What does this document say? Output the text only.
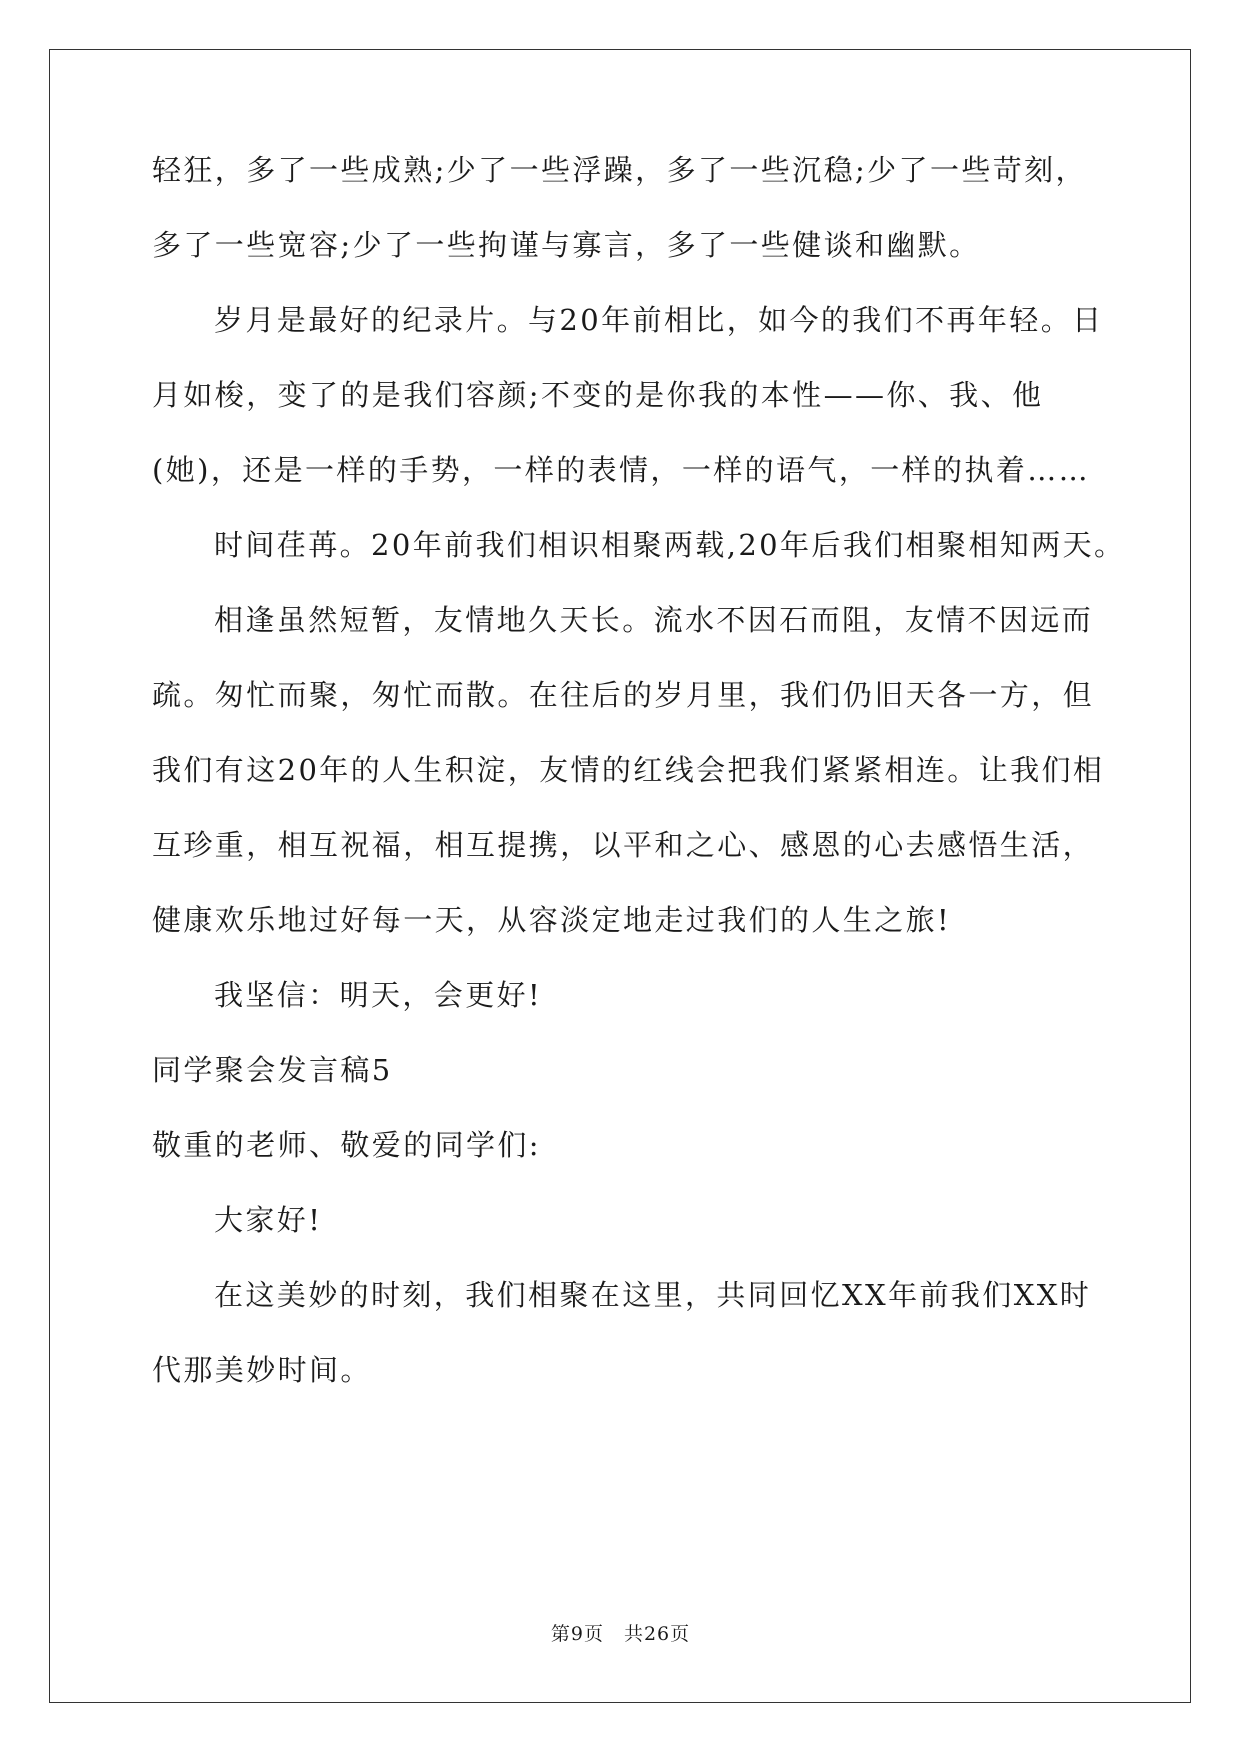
轻狂，多了一些成熟;少了一些浮躁，多了一些沉稳;少了一些苛刻，
多了一些宽容;少了一些拘谨与寡言，多了一些健谈和幽默。
岁月是最好的纪录片。与20年前相比，如今的我们不再年轻。日
月如梭，变了的是我们容颜;不变的是你我的本性——你、我、他
(她)，还是一样的手势，一样的表情，一样的语气，一样的执着……
时间荏苒。20年前我们相识相聚两载,20年后我们相聚相知两天。
相逢虽然短暂，友情地久天长。流水不因石而阻，友情不因远而
疏。匆忙而聚，匆忙而散。在往后的岁月里，我们仍旧天各一方，但
我们有这20年的人生积淀，友情的红线会把我们紧紧相连。让我们相
互珍重，相互祝福，相互提携，以平和之心、感恩的心去感悟生活，
健康欢乐地过好每一天，从容淡定地走过我们的人生之旅!
我坚信：明天，会更好!
同学聚会发言稿5
敬重的老师、敬爱的同学们:
大家好!
在这美妙的时刻，我们相聚在这里，共同回忆XX年前我们XX时
代那美妙时间。
第9页　共26页
